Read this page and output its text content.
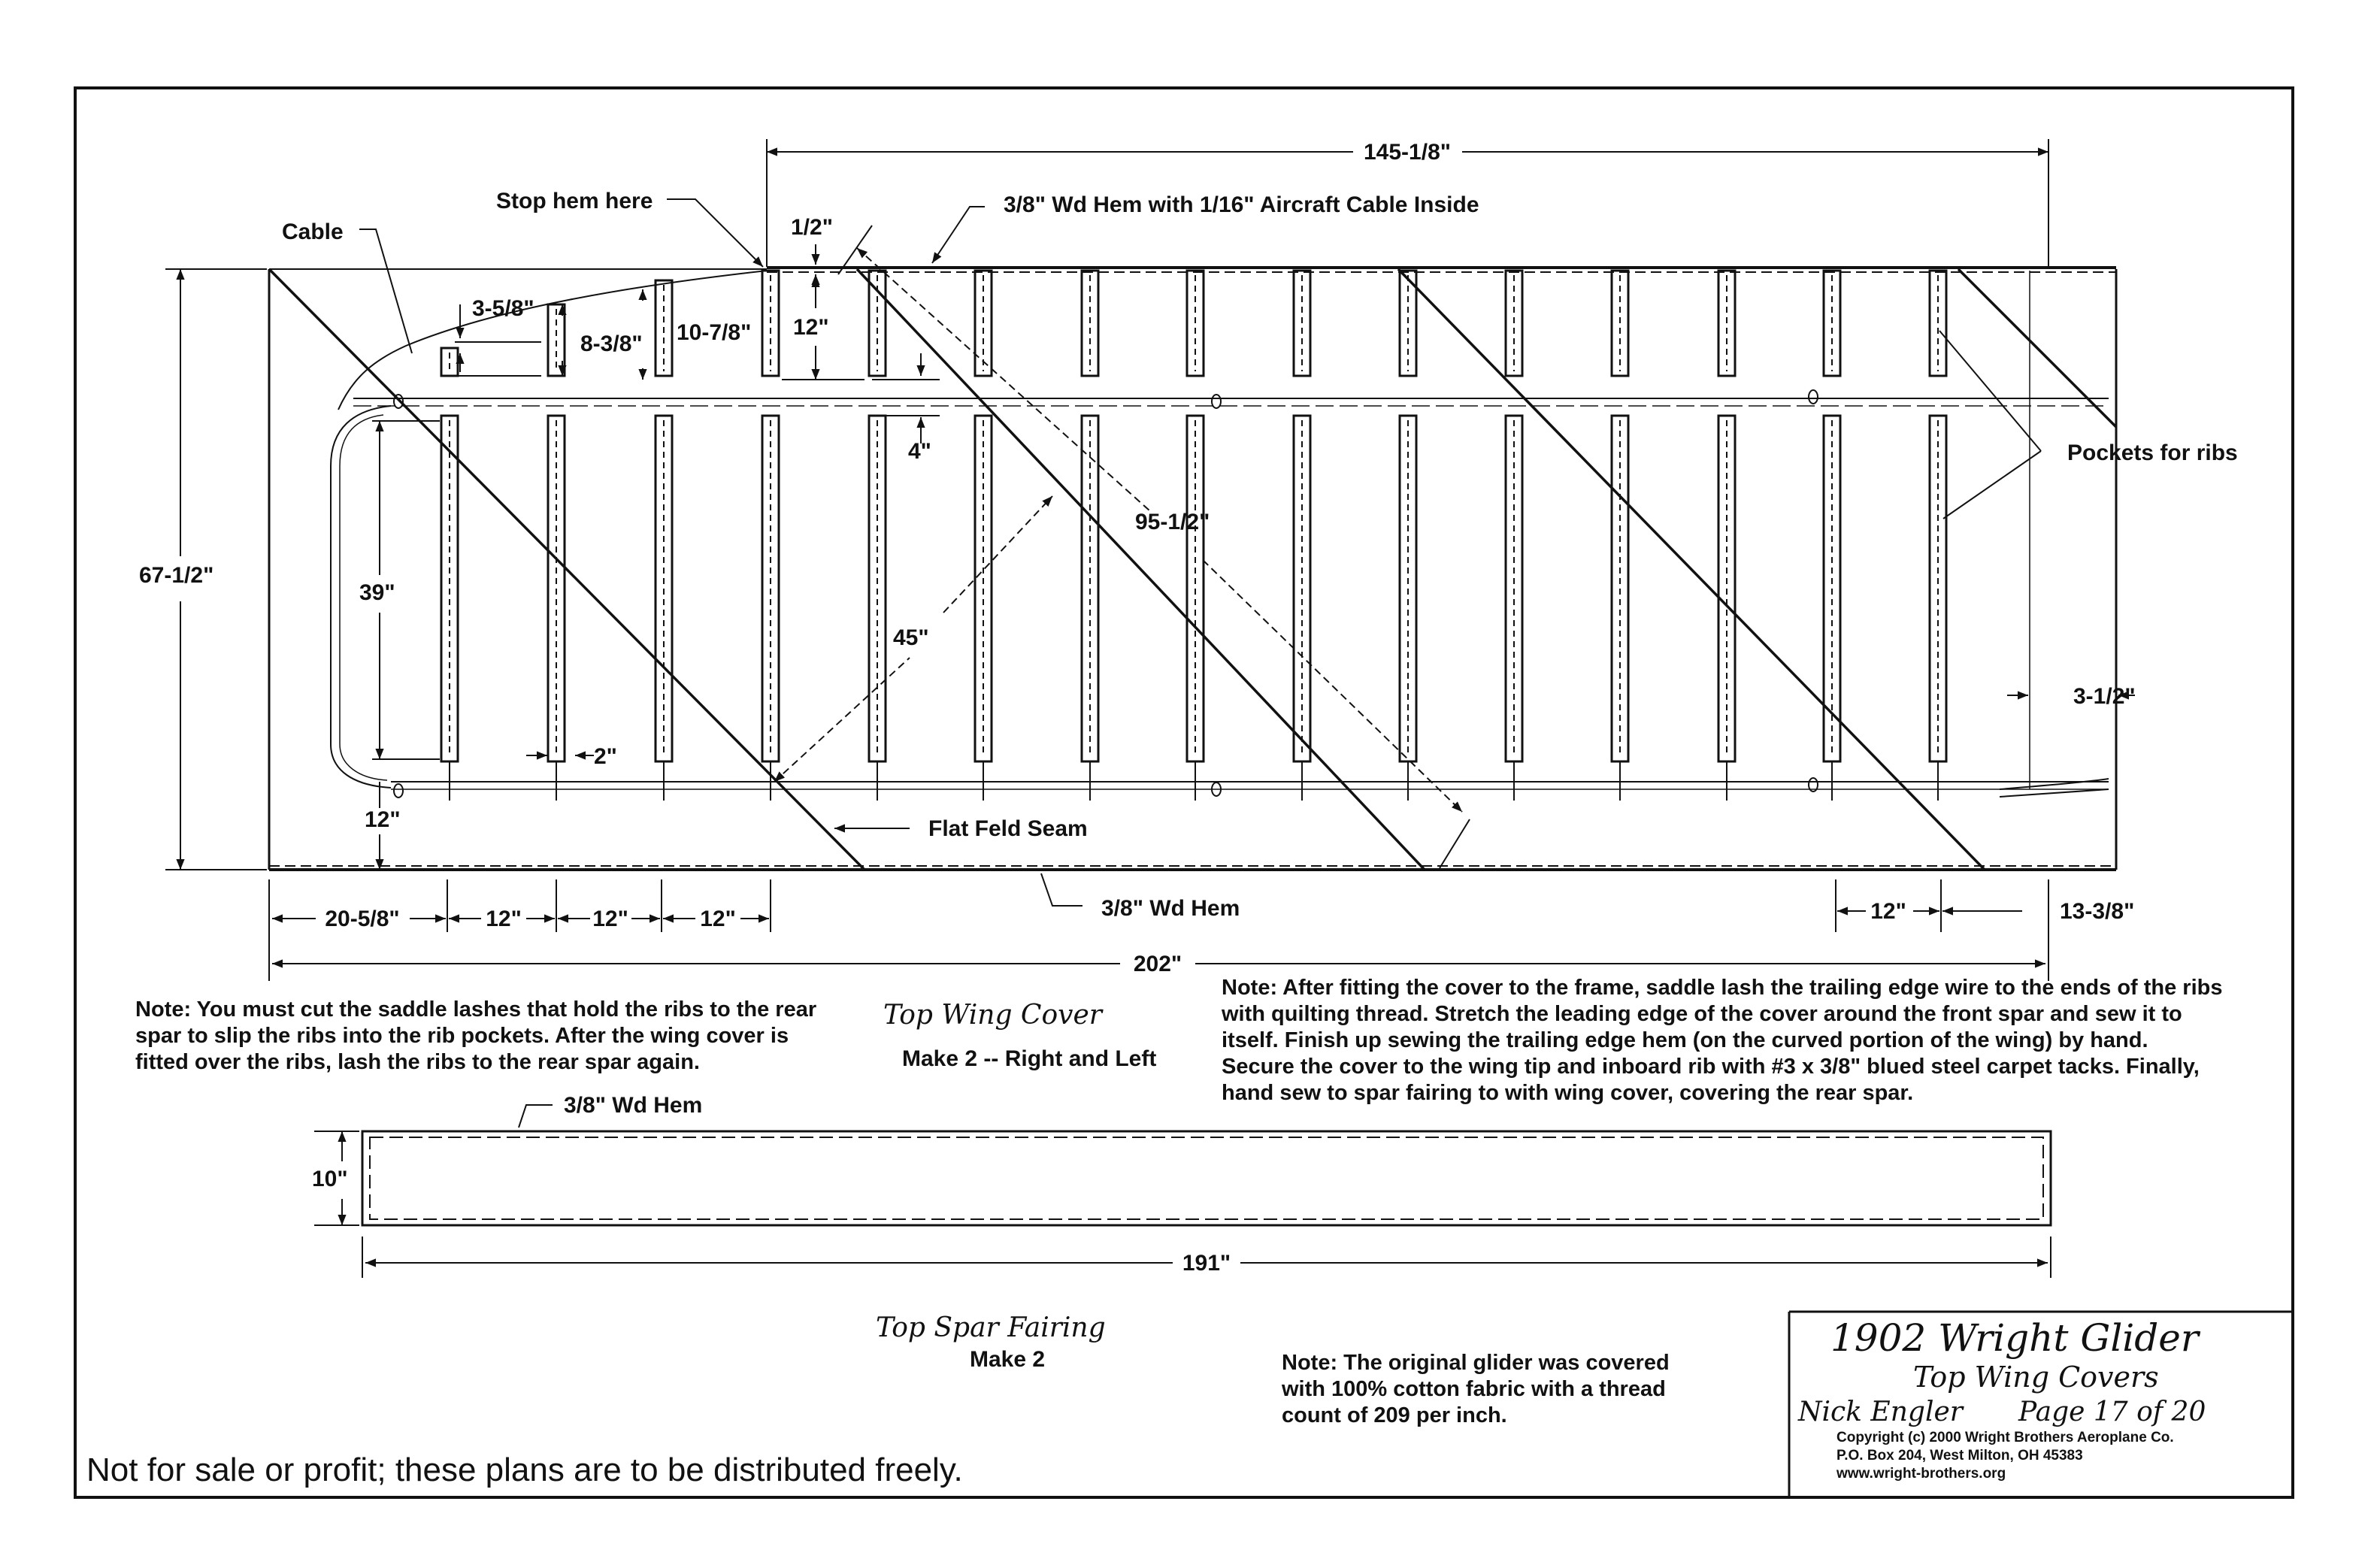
145-1/8"
Stop hem here	3/8" Wd Hem with 1/16" Aircraft Cable Inside
Cable	1/2"
3-5/8"
8-3/8" 10-7/8" 12"
4"	Pockets for ribs
95-1/2"
67-1/2"
39"
45"
3-1/2"
2"
12"	Flat Feld Seam
3/8" Wd Hem
20-5/8"	12"	12"	12"	12"	13-3/8"
202"
Top Wing Cover
Make 2 -- Right and Left
Note: You must cut the saddle lashes that hold the ribs to the rear
spar to slip the ribs into the rib pockets. After the wing cover is
fitted over the ribs, lash the ribs to the rear spar again.
Note: After fitting the cover to the frame, saddle lash the trailing edge wire to the ends of the ribs
with quilting thread. Stretch the leading edge of the cover around the front spar and sew it to
itself. Finish up sewing the trailing edge hem (on the curved portion of the wing) by hand.
Secure the cover to the wing tip and inboard rib with #3 x 3/8" blued steel carpet tacks. Finally,
hand sew to spar fairing to with wing cover, covering the rear spar.
Note: The original glider was covered
with 100% cotton fabric with a thread
count of 209 per inch.
3/8" Wd Hem
10"
191"
Make 2
Top Spar Fairing
Not for sale or profit; these plans are to be distributed freely.
1902 Wright Glider
Top Wing Covers
Nick Engler Page 17 of 20
Copyright (c) 2000 Wright Brothers Aeroplane Co.
P.O. Box 204, West Milton, OH 45383
www.wright-brothers.org
